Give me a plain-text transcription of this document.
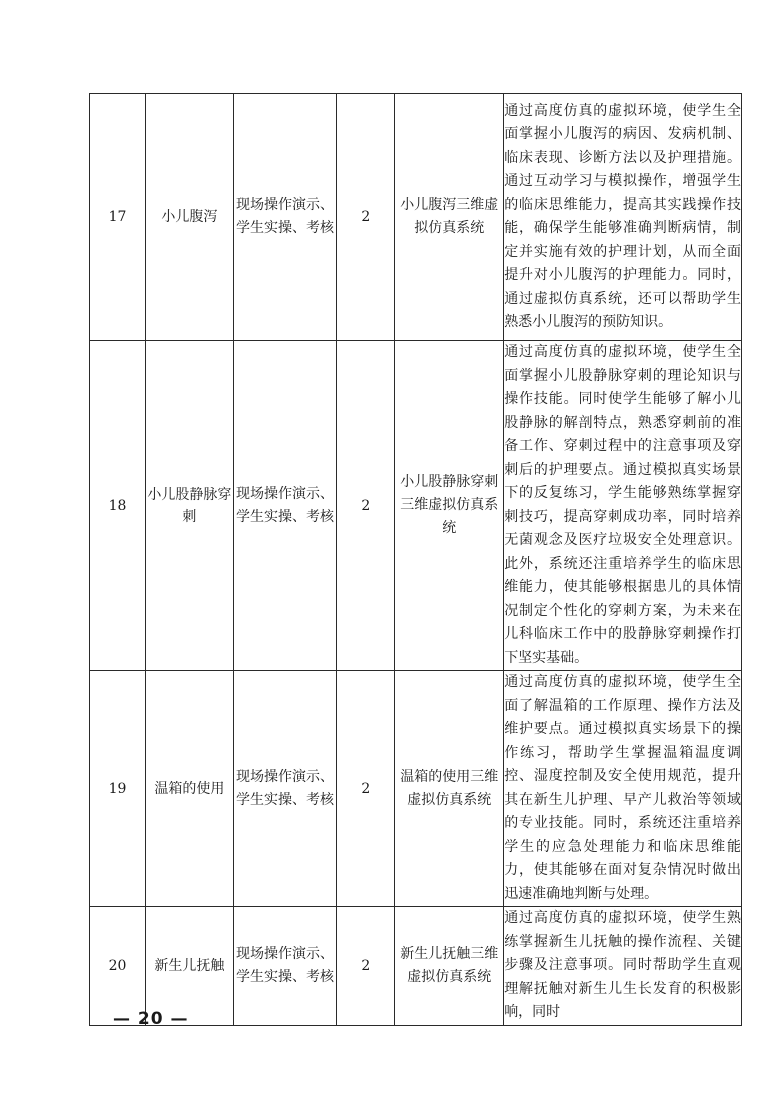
17	小儿腹泻	现场操作演示、学生实操、考核	2	小儿腹泻三维虚拟仿真系统	通过高度仿真的虚拟环境，使学生全面掌握小儿腹泻的病因、发病机制、临床表现、诊断方法以及护理措施。通过互动学习与模拟操作，增强学生的临床思维能力，提高其实践操作技能，确保学生能够准确判断病情，制定并实施有效的护理计划，从而全面提升对小儿腹泻的护理能力。同时，通过虚拟仿真系统，还可以帮助学生熟悉小儿腹泻的预防知识。
18	小儿股静脉穿刺	现场操作演示、学生实操、考核	2	小儿股静脉穿刺三维虚拟仿真系统	通过高度仿真的虚拟环境，使学生全面掌握小儿股静脉穿刺的理论知识与操作技能。同时使学生能够了解小儿股静脉的解剖特点，熟悉穿刺前的准备工作、穿刺过程中的注意事项及穿刺后的护理要点。通过模拟真实场景下的反复练习，学生能够熟练掌握穿刺技巧，提高穿刺成功率，同时培养无菌观念及医疗垃圾安全处理意识。此外，系统还注重培养学生的临床思维能力，使其能够根据患儿的具体情况制定个性化的穿刺方案，为未来在儿科临床工作中的股静脉穿刺操作打下坚实基础。
19	温箱的使用	现场操作演示、学生实操、考核	2	温箱的使用三维虚拟仿真系统	通过高度仿真的虚拟环境，使学生全面了解温箱的工作原理、操作方法及维护要点。通过模拟真实场景下的操作练习，帮助学生掌握温箱温度调控、湿度控制及安全使用规范，提升其在新生儿护理、早产儿救治等领域的专业技能。同时，系统还注重培养学生的应急处理能力和临床思维能力，使其能够在面对复杂情况时做出迅速准确地判断与处理。
20	新生儿抚触	现场操作演示、学生实操、考核	2	新生儿抚触三维虚拟仿真系统	通过高度仿真的虚拟环境，使学生熟练掌握新生儿抚触的操作流程、关键步骤及注意事项。同时帮助学生直观理解抚触对新生儿生长发育的积极影响，同时
— 20 —
